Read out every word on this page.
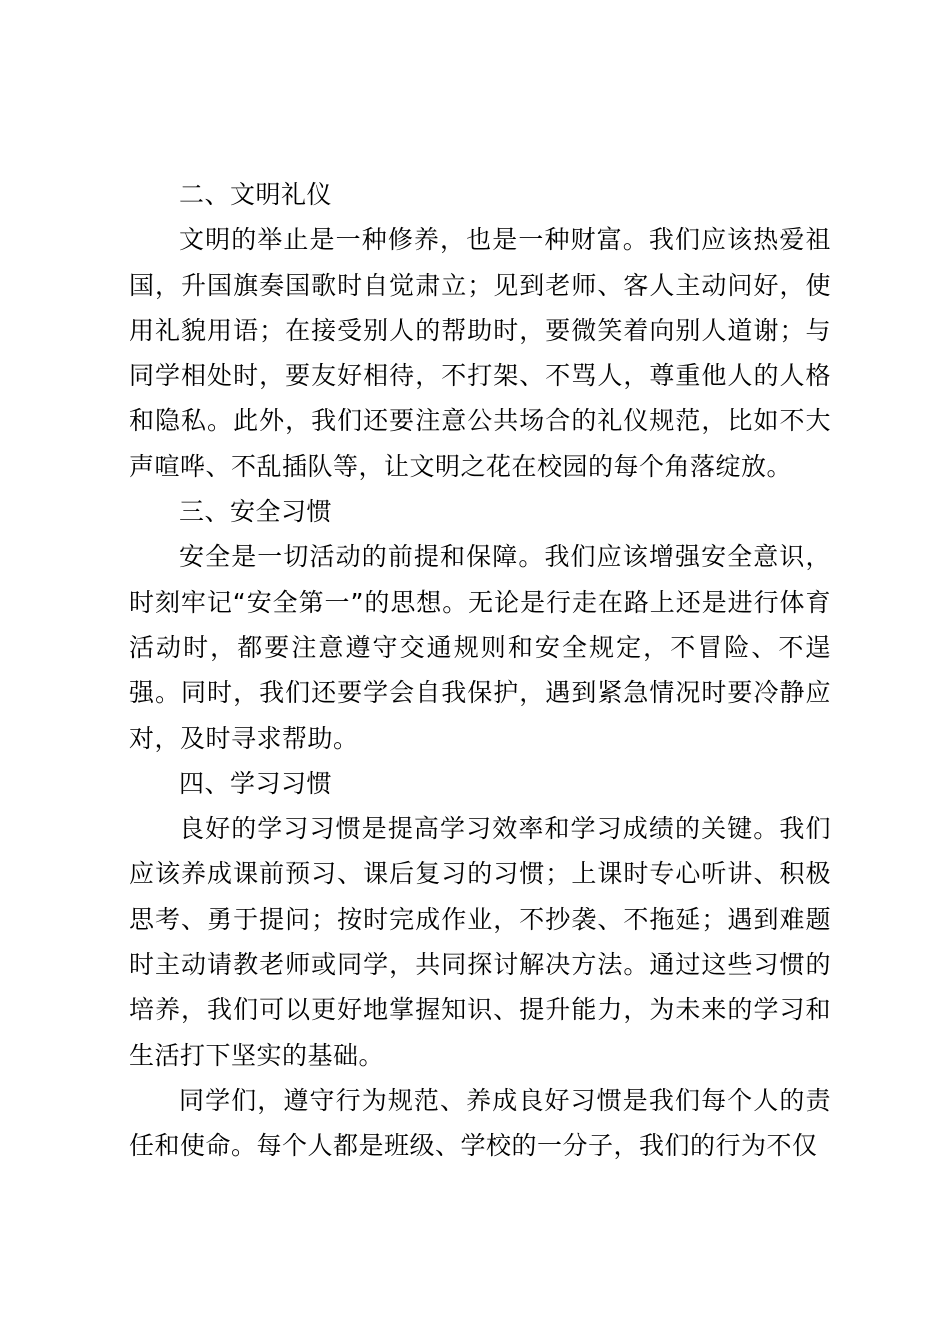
二、文明礼仪

文明的举止是一种修养，也是一种财富。我们应该热爱祖国，升国旗奏国歌时自觉肃立；见到老师、客人主动问好，使用礼貌用语；在接受别人的帮助时，要微笑着向别人道谢；与同学相处时，要友好相待，不打架、不骂人，尊重他人的人格和隐私。此外，我们还要注意公共场合的礼仪规范，比如不大声喧哗、不乱插队等，让文明之花在校园的每个角落绽放。

三、安全习惯

安全是一切活动的前提和保障。我们应该增强安全意识，时刻牢记“安全第一”的思想。无论是行走在路上还是进行体育活动时，都要注意遵守交通规则和安全规定，不冒险、不逞强。同时，我们还要学会自我保护，遇到紧急情况时要冷静应对，及时寻求帮助。

四、学习习惯

良好的学习习惯是提高学习效率和学习成绩的关键。我们应该养成课前预习、课后复习的习惯；上课时专心听讲、积极思考、勇于提问；按时完成作业，不抄袭、不拖延；遇到难题时主动请教老师或同学，共同探讨解决方法。通过这些习惯的培养，我们可以更好地掌握知识、提升能力，为未来的学习和生活打下坚实的基础。

同学们，遵守行为规范、养成良好习惯是我们每个人的责任和使命。每个人都是班级、学校的一分子，我们的行为不仅
